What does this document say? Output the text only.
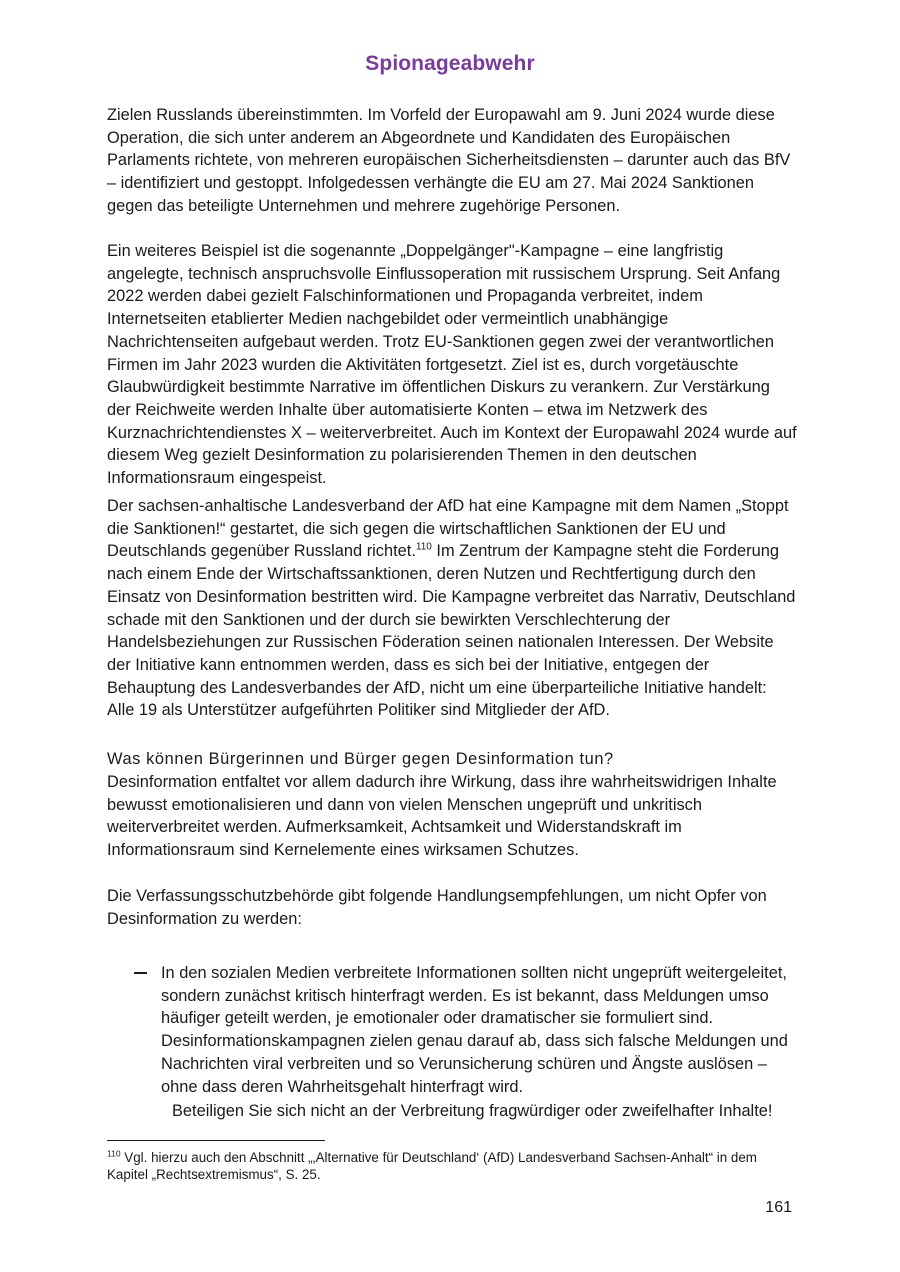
Spionageabwehr

Zielen Russlands übereinstimmten. Im Vorfeld der Europawahl am 9. Juni 2024 wurde diese Operation, die sich unter anderem an Abgeordnete und Kandidaten des Europäischen Parlaments richtete, von mehreren europäischen Sicherheitsdiensten – darunter auch das BfV – identifiziert und gestoppt. Infolgedessen verhängte die EU am 27. Mai 2024 Sanktionen gegen das beteiligte Unternehmen und mehrere zugehörige Personen.

Ein weiteres Beispiel ist die sogenannte „Doppelgänger"-Kampagne – eine langfristig angelegte, technisch anspruchsvolle Einflussoperation mit russischem Ursprung. Seit Anfang 2022 werden dabei gezielt Falschinformationen und Propaganda verbreitet, indem Internetseiten etablierter Medien nachgebildet oder vermeintlich unabhängige Nachrichtenseiten aufgebaut werden. Trotz EU-Sanktionen gegen zwei der verantwortlichen Firmen im Jahr 2023 wurden die Aktivitäten fortgesetzt. Ziel ist es, durch vorgetäuschte Glaubwürdigkeit bestimmte Narrative im öffentlichen Diskurs zu verankern. Zur Verstärkung der Reichweite werden Inhalte über automatisierte Konten – etwa im Netzwerk des Kurznachrichtendienstes X – weiterverbreitet. Auch im Kontext der Europawahl 2024 wurde auf diesem Weg gezielt Desinformation zu polarisierenden Themen in den deutschen Informationsraum eingespeist.

Der sachsen-anhaltische Landesverband der AfD hat eine Kampagne mit dem Namen „Stoppt die Sanktionen!“ gestartet, die sich gegen die wirtschaftlichen Sanktionen der EU und Deutschlands gegenüber Russland richtet.$^{110}$ Im Zentrum der Kampagne steht die Forderung nach einem Ende der Wirtschaftssanktionen, deren Nutzen und Rechtfertigung durch den Einsatz von Desinformation bestritten wird. Die Kampagne verbreitet das Narrativ, Deutschland schade mit den Sanktionen und der durch sie bewirkten Verschlechterung der Handelsbeziehungen zur Russischen Föderation seinen nationalen Interessen. Der Website der Initiative kann entnommen werden, dass es sich bei der Initiative, entgegen der Behauptung des Landesverbandes der AfD, nicht um eine überparteiliche Initiative handelt: Alle 19 als Unterstützer aufgeführten Politiker sind Mitglieder der AfD.

Was können Bürgerinnen und Bürger gegen Desinformation tun?

Desinformation entfaltet vor allem dadurch ihre Wirkung, dass ihre wahrheitswidrigen Inhalte bewusst emotionalisieren und dann von vielen Menschen ungeprüft und unkritisch weiterverbreitet werden. Aufmerksamkeit, Achtsamkeit und Widerstandskraft im Informationsraum sind Kernelemente eines wirksamen Schutzes.

Die Verfassungsschutzbehörde gibt folgende Handlungsempfehlungen, um nicht Opfer von Desinformation zu werden:

In den sozialen Medien verbreitete Informationen sollten nicht ungeprüft weitergeleitet, sondern zunächst kritisch hinterfragt werden. Es ist bekannt, dass Meldungen umso häufiger geteilt werden, je emotionaler oder dramatischer sie formuliert sind. Desinformationskampagnen zielen genau darauf ab, dass sich falsche Meldungen und Nachrichten viral verbreiten und so Verunsicherung schüren und Ängste auslösen – ohne dass deren Wahrheitsgehalt hinterfragt wird.

Beteiligen Sie sich nicht an der Verbreitung fragwürdiger oder zweifelhafter Inhalte!

$^{110}$ Vgl. hierzu auch den Abschnitt „‚Alternative für Deutschland‘ (AfD) Landesverband Sachsen-Anhalt“ in dem Kapitel „Rechtsextremismus“, S. 25.

161
